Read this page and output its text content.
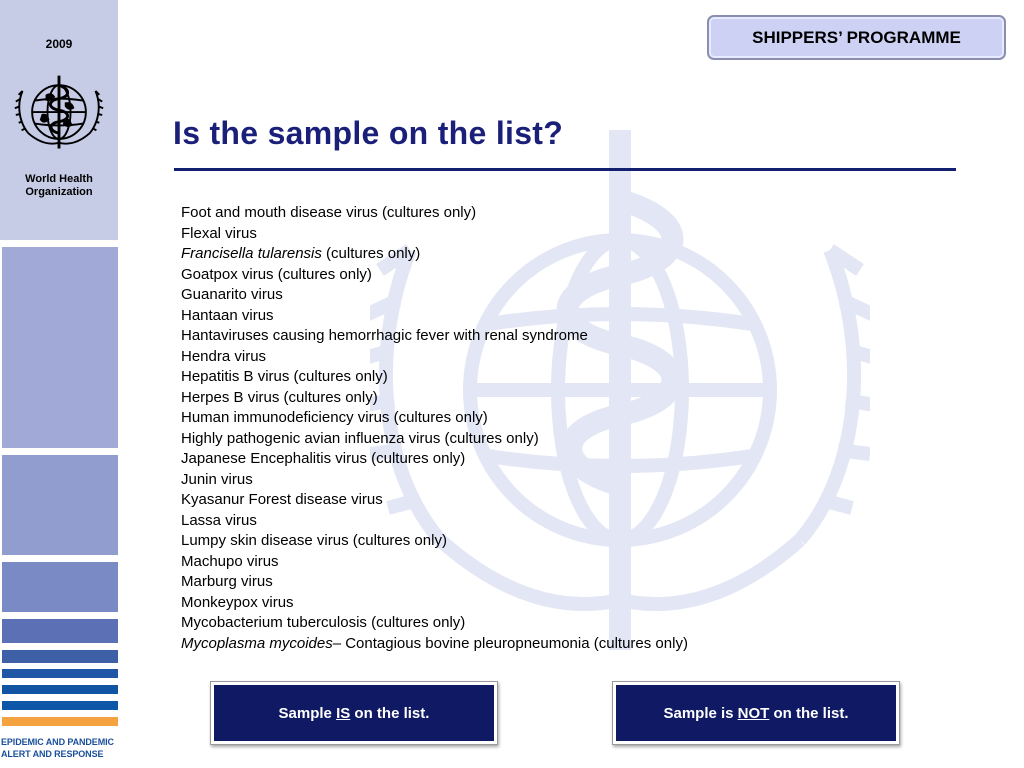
2009
World Health
Organization
EPIDEMIC AND PANDEMIC
ALERT AND RESPONSE
SHIPPERS’ PROGRAMME
Is the sample on the list?
Foot and mouth disease virus (cultures only)
Flexal virus
Francisella tularensis (cultures only)
Goatpox virus (cultures only)
Guanarito virus
Hantaan virus
Hantaviruses causing hemorrhagic fever with renal syndrome
Hendra virus
Hepatitis B virus (cultures only)
Herpes B virus (cultures only)
Human immunodeficiency virus (cultures only)
Highly pathogenic avian influenza virus (cultures only)
Japanese Encephalitis virus (cultures only)
Junin virus
Kyasanur Forest disease virus
Lassa virus
Lumpy skin disease virus (cultures only)
Machupo virus
Marburg virus
Monkeypox virus
Mycobacterium tuberculosis (cultures only)
Mycoplasma mycoides– Contagious bovine pleuropneumonia (cultures only)
Sample IS on the list.	Sample is NOT on the list.
